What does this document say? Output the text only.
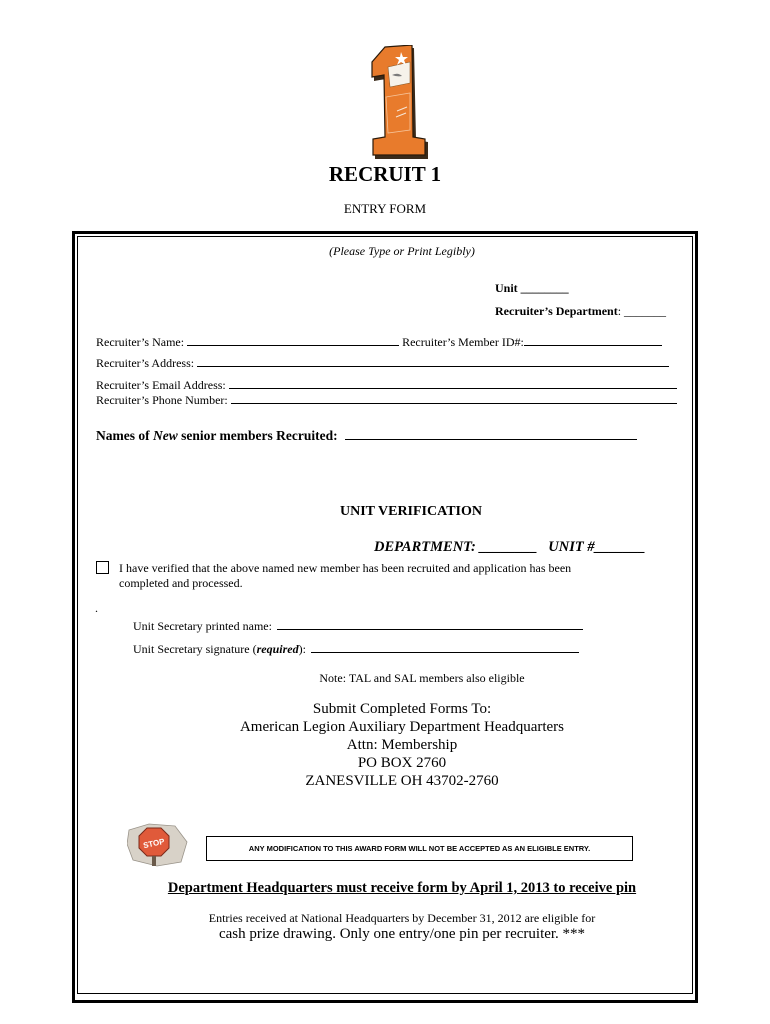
RECRUIT 1
ENTRY FORM
(Please Type or Print Legibly)
Unit ________
Recruiter’s Department: _______
Recruiter’s Name:	Recruiter’s Member ID#:
Recruiter’s Address:
Recruiter’s Email Address:
Recruiter’s Phone Number:
Names of New senior members Recruited:
UNIT VERIFICATION
DEPARTMENT: ________ UNIT #_______
I have verified that the above named new member has been recruited and application has been
completed and processed.
.
Unit Secretary printed name:
Unit Secretary signature (required):
Note: TAL and SAL members also eligible
Submit Completed Forms To:
American Legion Auxiliary Department Headquarters
Attn: Membership
PO BOX 2760
ZANESVILLE OH 43702-2760
STOP	ANY MODIFICATION TO THIS AWARD FORM WILL NOT BE ACCEPTED AS AN ELIGIBLE ENTRY.
Department Headquarters must receive form by April 1, 2013 to receive pin
Entries received at National Headquarters by December 31, 2012 are eligible for
cash prize drawing. Only one entry/one pin per recruiter. ***
